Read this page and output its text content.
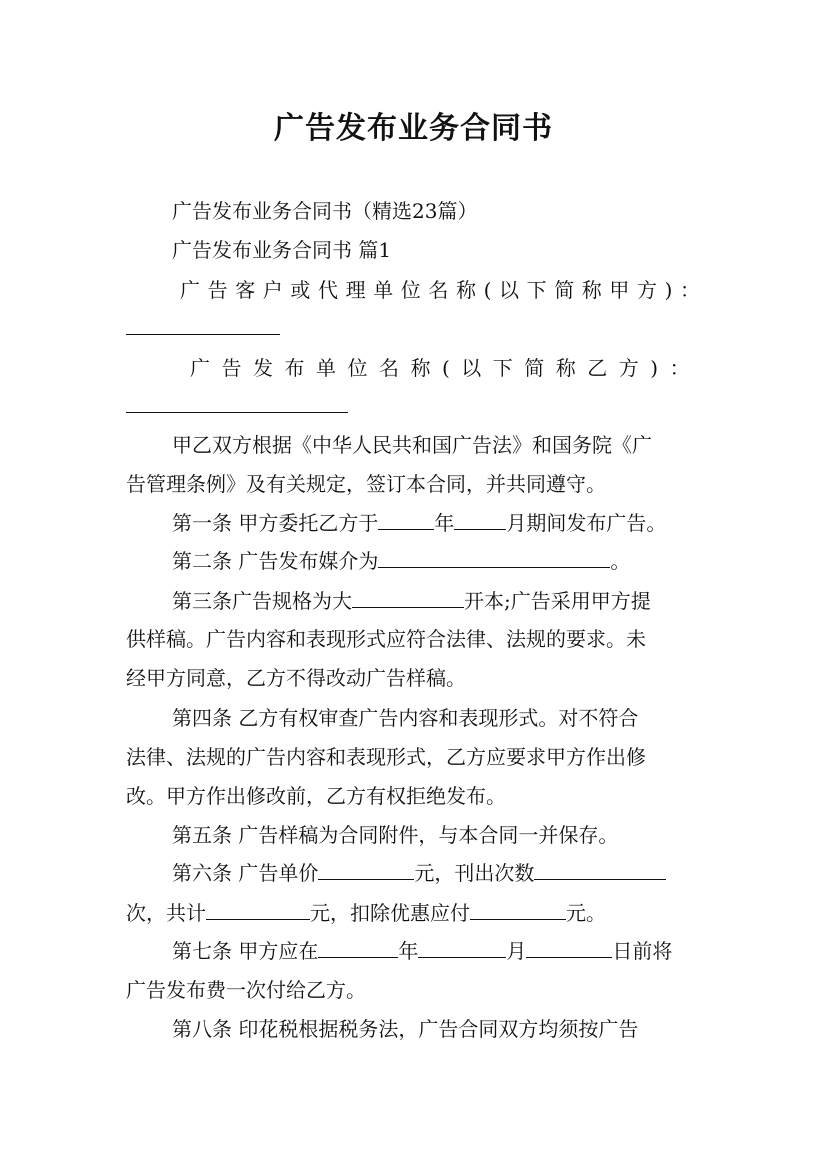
广告发布业务合同书
广告发布业务合同书（精选23篇）
广告发布业务合同书 篇1
广告客户或代理单位名称(以下简称甲方)：
广告发布单位名称(以下简称乙方)：
甲乙双方根据《中华人民共和国广告法》和国务院《广
告管理条例》及有关规定，签订本合同，并共同遵守。
第一条 甲方委托乙方于	年	月期间发布广告。
第二条 广告发布媒介为	。
第三条广告规格为大	开本;广告采用甲方提
供样稿。广告内容和表现形式应符合法律、法规的要求。未
经甲方同意，乙方不得改动广告样稿。
第四条 乙方有权审查广告内容和表现形式。对不符合
法律、法规的广告内容和表现形式，乙方应要求甲方作出修
改。甲方作出修改前，乙方有权拒绝发布。
第五条 广告样稿为合同附件，与本合同一并保存。
第六条 广告单价	元，刊出次数
次，共计	元，扣除优惠应付	元。
第七条 甲方应在	年	月	日前将
广告发布费一次付给乙方。
第八条 印花税根据税务法，广告合同双方均须按广告
